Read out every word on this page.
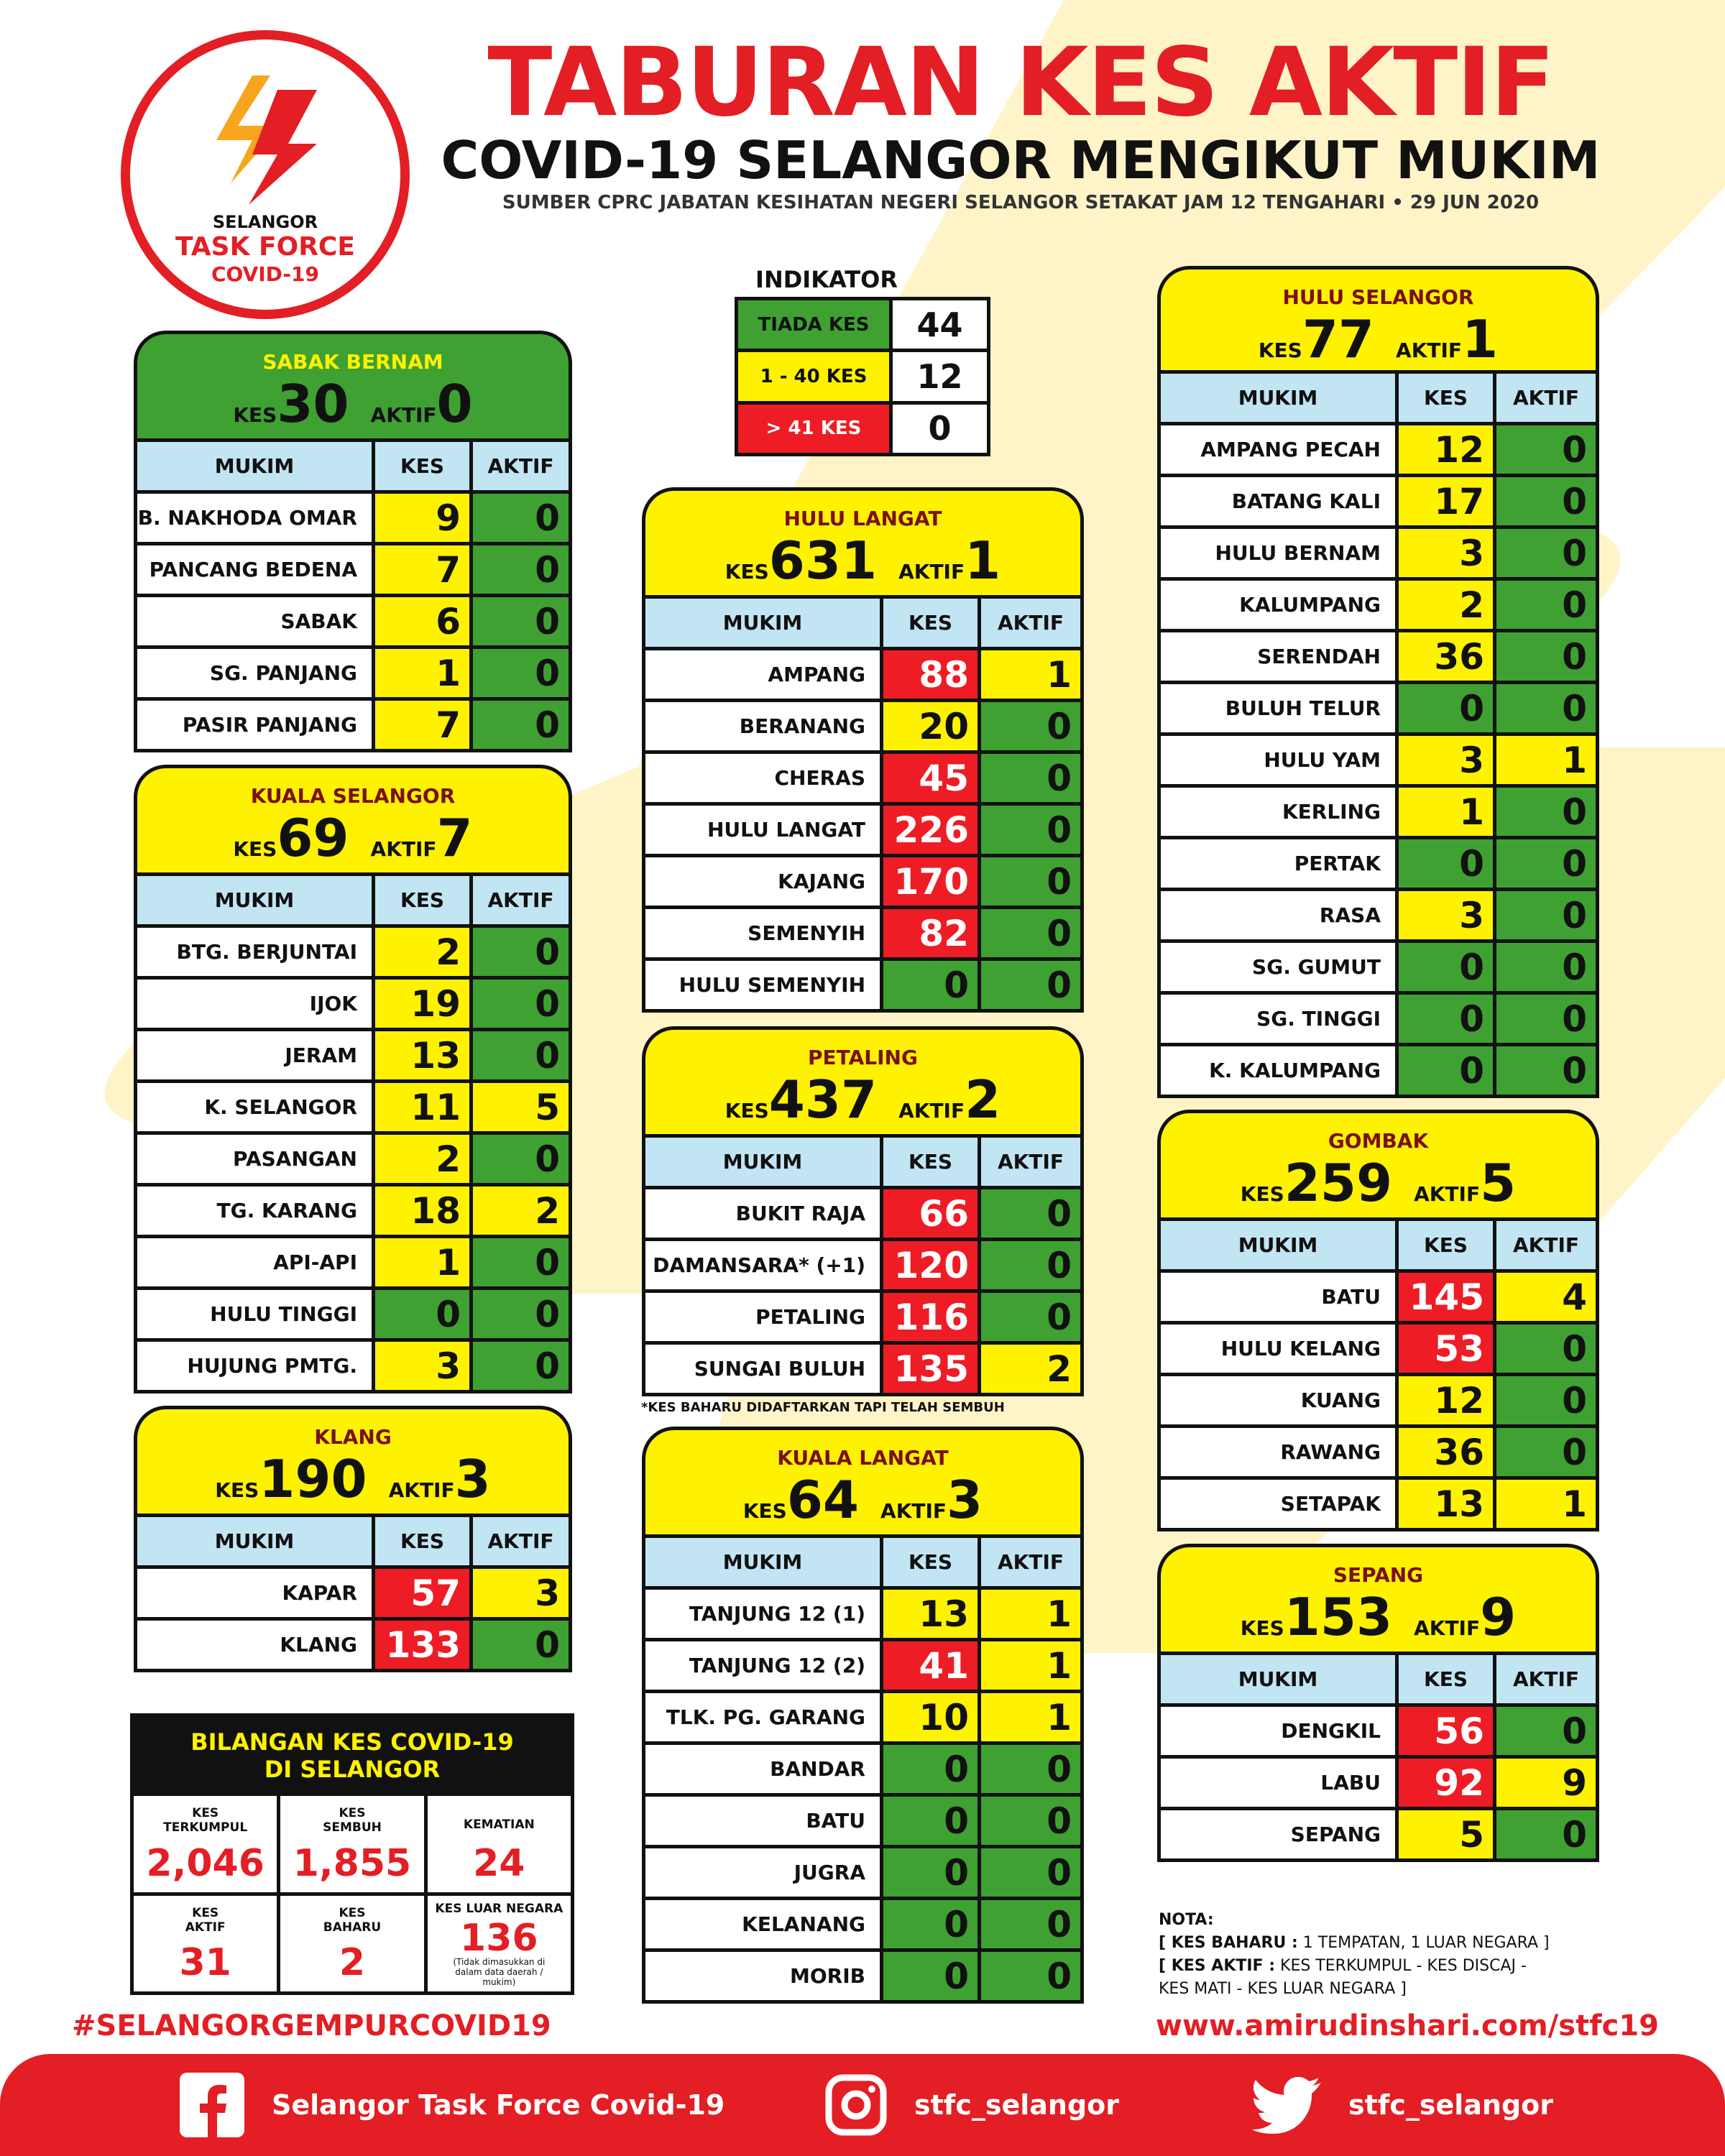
SELANGOR
TASK FORCE
COVID-19
TABURAN KES AKTIF
COVID-19 SELANGOR MENGIKUT MUKIM
SUMBER CPRC JABATAN KESIHATAN NEGERI SELANGOR SETAKAT JAM 12 TENGAHARI • 29 JUN 2020
INDIKATOR
TIADA KES	44
1 - 40 KES	12
> 41 KES	0
SABAK BERNAM
KES30 AKTIF0
MUKIM	KES	AKTIF
B. NAKHODA OMAR	9	0
PANCANG BEDENA	7	0
SABAK	6	0
SG. PANJANG	1	0
PASIR PANJANG	7	0
KUALA SELANGOR
KES69 AKTIF7
MUKIM	KES	AKTIF
BTG. BERJUNTAI	2	0
IJOK	19	0
JERAM	13	0
K. SELANGOR	11	5
PASANGAN	2	0
TG. KARANG	18	2
API-API	1	0
HULU TINGGI	0	0
HUJUNG PMTG.	3	0
KLANG
KES190 AKTIF3
MUKIM	KES	AKTIF
KAPAR	57	3
KLANG 133	0
HULU LANGAT
KES631 AKTIF1
MUKIM	KES	AKTIF
AMPANG	88	1
BERANANG	20	0
CHERAS	45	0
HULU LANGAT 226	0
KAJANG 170	0
SEMENYIH	82	0
HULU SEMENYIH	0	0
PETALING
KES437 AKTIF2
MUKIM	KES	AKTIF
BUKIT RAJA	66	0
DAMANSARA* (+1) 120	0
PETALING 116	0
SUNGAI BULUH 135	2
KUALA LANGAT
KES64 AKTIF3
MUKIM	KES	AKTIF
TANJUNG 12 (1)	13	1
TANJUNG 12 (2)	41	1
TLK. PG. GARANG	10	1
BANDAR	0	0
BATU	0	0
JUGRA	0	0
KELANANG	0	0
MORIB	0	0
HULU SELANGOR
KES77 AKTIF1
MUKIM	KES	AKTIF
AMPANG PECAH	12	0
BATANG KALI	17	0
HULU BERNAM	3	0
KALUMPANG	2	0
SERENDAH	36	0
BULUH TELUR	0	0
HULU YAM	3	1
KERLING	1	0
PERTAK	0	0
RASA	3	0
SG. GUMUT	0	0
SG. TINGGI	0	0
K. KALUMPANG	0	0
GOMBAK
KES259 AKTIF5
MUKIM	KES	AKTIF
BATU 145	4
HULU KELANG	53	0
KUANG	12	0
RAWANG	36	0
SETAPAK	13	1
SEPANG
KES153 AKTIF9
MUKIM	KES	AKTIF
DENGKIL	56	0
LABU	92	9
SEPANG	5	0
*KES BAHARU DIDAFTARKAN TAPI TELAH SEMBUH
BILANGAN KES COVID-19
DI SELANGOR
KES
TERKUMPUL
2,046
KES
SEMBUH
1,855
KEMATIAN
24
KES
AKTIF
31
KES
BAHARU
2
KES LUAR NEGARA
136
(Tidak dimasukkan di dalam data daerah / mukim)
NOTA:
[ KES BAHARU : 1 TEMPATAN, 1 LUAR NEGARA ]
[ KES AKTIF : KES TERKUMPUL - KES DISCAJ -
KES MATI - KES LUAR NEGARA ]
#SELANGORGEMPURCOVID19	www.amirudinshari.com/stfc19
Selangor Task Force Covid-19	stfc_selangor	stfc_selangor
